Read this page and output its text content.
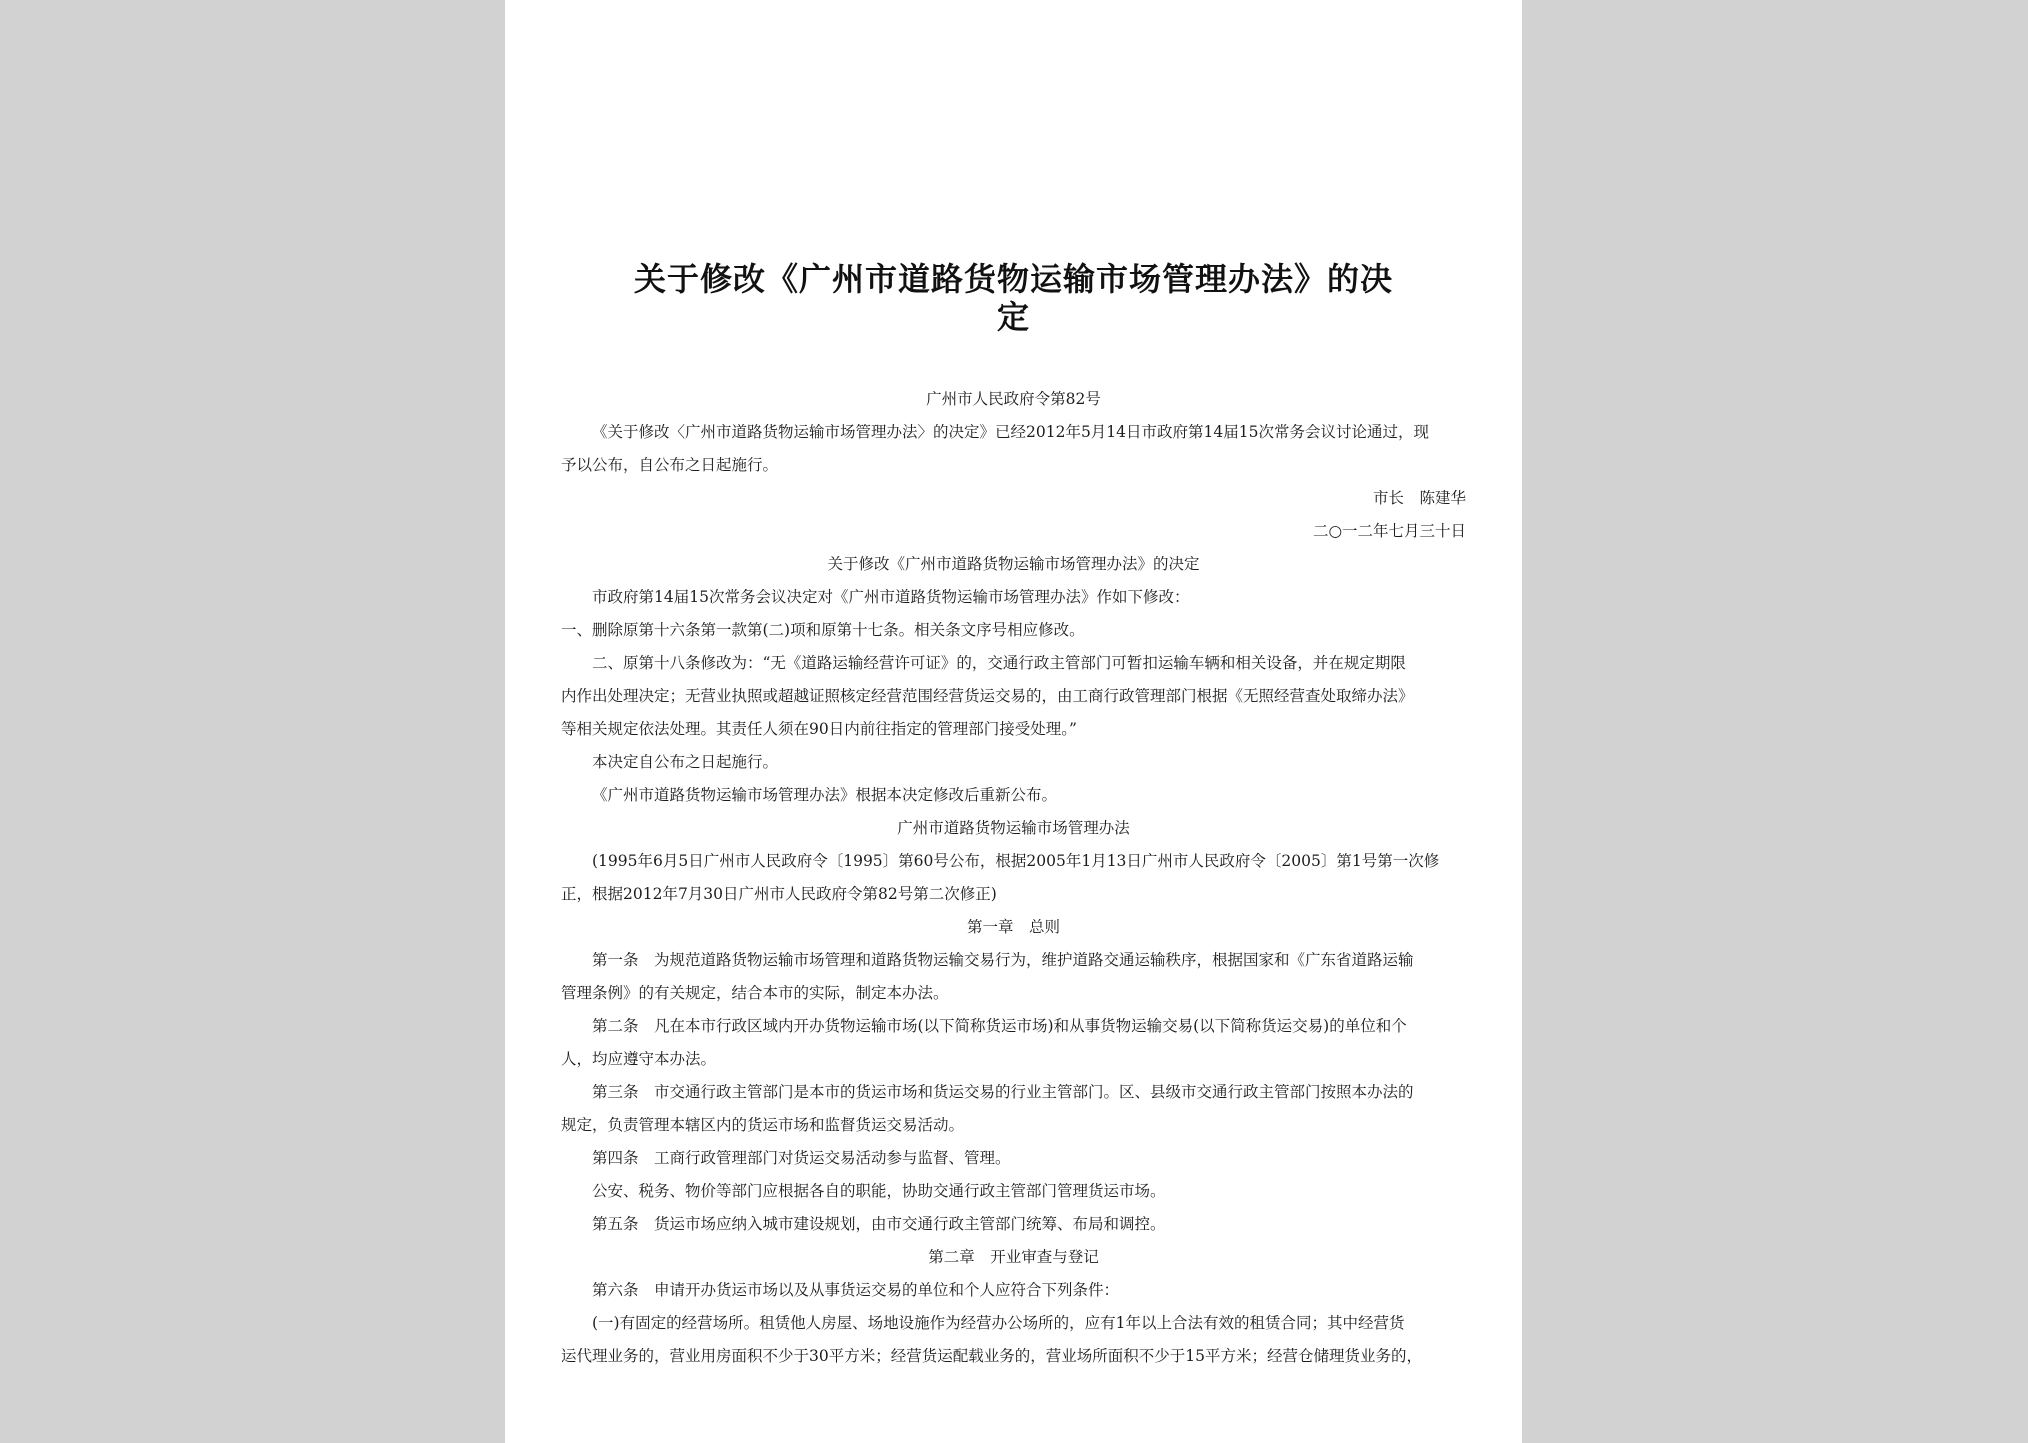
关于修改《广州市道路货物运输市场管理办法》的决
定
广州市人民政府令第82号
《关于修改〈广州市道路货物运输市场管理办法〉的决定》已经2012年5月14日市政府第14届15次常务会议讨论通过，现
予以公布，自公布之日起施行。
市长　陈建华
二○一二年七月三十日
关于修改《广州市道路货物运输市场管理办法》的决定
市政府第14届15次常务会议决定对《广州市道路货物运输市场管理办法》作如下修改：
一、删除原第十六条第一款第(二)项和原第十七条。相关条文序号相应修改。
二、原第十八条修改为：“无《道路运输经营许可证》的，交通行政主管部门可暂扣运输车辆和相关设备，并在规定期限
内作出处理决定；无营业执照或超越证照核定经营范围经营货运交易的，由工商行政管理部门根据《无照经营查处取缔办法》
等相关规定依法处理。其责任人须在90日内前往指定的管理部门接受处理。”
本决定自公布之日起施行。
《广州市道路货物运输市场管理办法》根据本决定修改后重新公布。
广州市道路货物运输市场管理办法
(1995年6月5日广州市人民政府令〔1995〕第60号公布，根据2005年1月13日广州市人民政府令〔2005〕第1号第一次修
正，根据2012年7月30日广州市人民政府令第82号第二次修正)
第一章　总则
第一条　为规范道路货物运输市场管理和道路货物运输交易行为，维护道路交通运输秩序，根据国家和《广东省道路运输
管理条例》的有关规定，结合本市的实际，制定本办法。
第二条　凡在本市行政区域内开办货物运输市场(以下简称货运市场)和从事货物运输交易(以下简称货运交易)的单位和个
人，均应遵守本办法。
第三条　市交通行政主管部门是本市的货运市场和货运交易的行业主管部门。区、县级市交通行政主管部门按照本办法的
规定，负责管理本辖区内的货运市场和监督货运交易活动。
第四条　工商行政管理部门对货运交易活动参与监督、管理。
公安、税务、物价等部门应根据各自的职能，协助交通行政主管部门管理货运市场。
第五条　货运市场应纳入城市建设规划，由市交通行政主管部门统筹、布局和调控。
第二章　开业审查与登记
第六条　申请开办货运市场以及从事货运交易的单位和个人应符合下列条件：
(一)有固定的经营场所。租赁他人房屋、场地设施作为经营办公场所的，应有1年以上合法有效的租赁合同；其中经营货
运代理业务的，营业用房面积不少于30平方米；经营货运配载业务的，营业场所面积不少于15平方米；经营仓储理货业务的，
